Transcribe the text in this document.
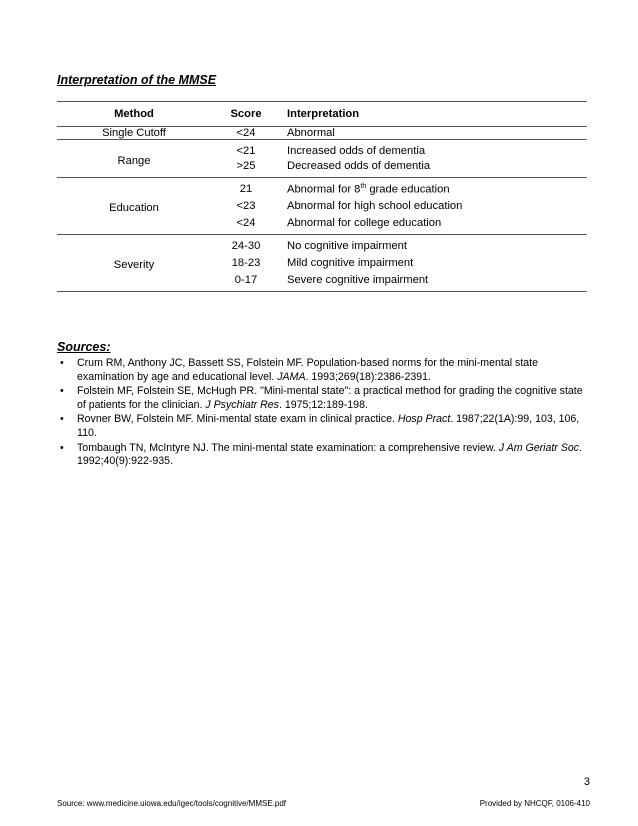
Interpretation of the MMSE
Method	Score	Interpretation
Single Cutoff	<24	Abnormal
Range	<21	Increased odds of dementia
	>25	Decreased odds of dementia
Education	21	Abnormal for 8th grade education
	<23	Abnormal for high school education
	<24	Abnormal for college education
Severity	24-30	No cognitive impairment
	18-23	Mild cognitive impairment
	0-17	Severe cognitive impairment
Sources:
• Crum RM, Anthony JC, Bassett SS, Folstein MF. Population-based norms for the mini-mental state examination by age and educational level. JAMA. 1993;269(18):2386-2391.
• Folstein MF, Folstein SE, McHugh PR. "Mini-mental state": a practical method for grading the cognitive state of patients for the clinician. J Psychiatr Res. 1975;12:189-198.
• Rovner BW, Folstein MF. Mini-mental state exam in clinical practice. Hosp Pract. 1987;22(1A):99, 103, 106, 110.
• Tombaugh TN, McIntyre NJ. The mini-mental state examination: a comprehensive review. J Am Geriatr Soc. 1992;40(9):922-935.
3
Source: www.medicine.uiowa.edu/igec/tools/cognitive/MMSE.pdf	Provided by NHCQF, 0106-410
